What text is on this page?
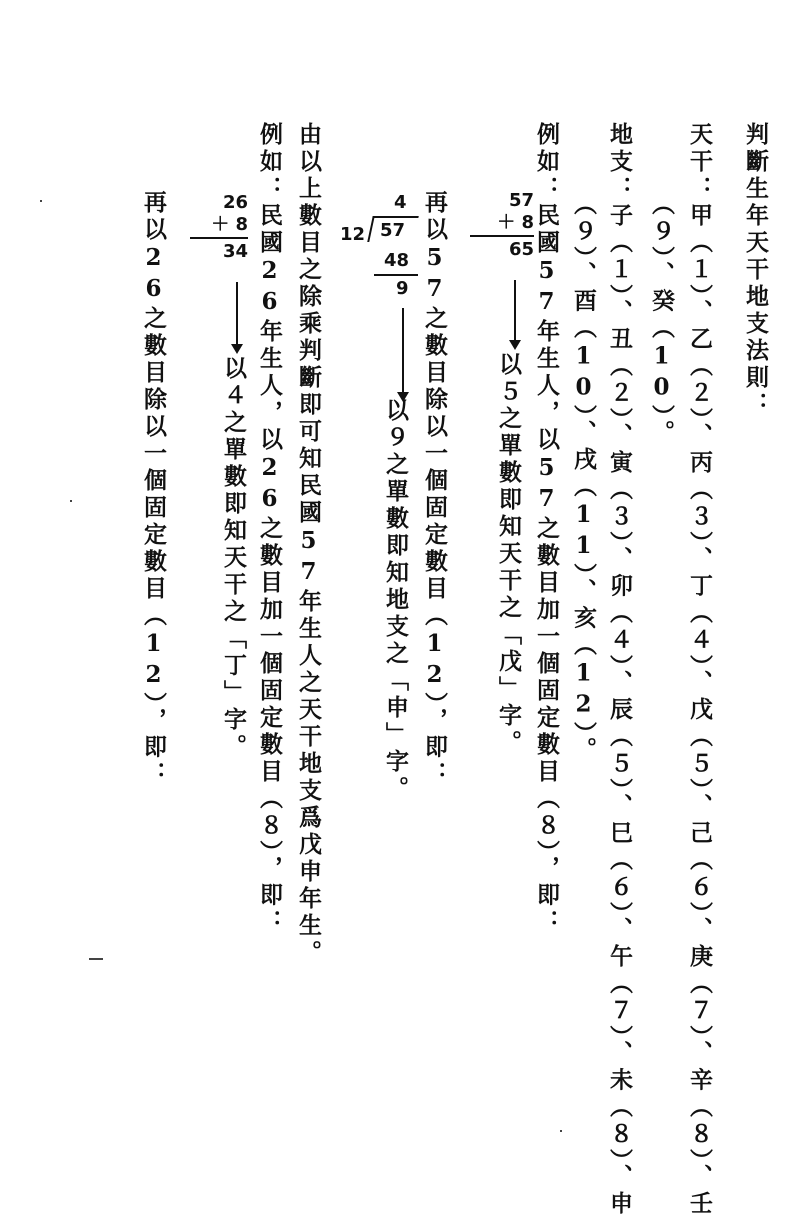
判斷生年天干地支法則：
天干：甲（１）、乙（２）、丙（３）、丁（４）、戊（５）、己（６）、庚（７）、辛（８）、壬
（９）、癸（10）。
地支：子（１）、丑（２）、寅（３）、卯（４）、辰（５）、巳（６）、午（７）、未（８）、申
（９）、酉（10）、戌（11）、亥（12）。
例如：民國57年生人，以57之數目加一個固定數目（８），即：
以５之單數即知天干之「戊」字。
再以57之數目除以一個固定數目（12），即：
以９之單數即知地支之「申」字。
由以上數目之除乘判斷即可知民國57年生人之天干地支爲戊申年生。
例如：民國26年生人，以26之數目加一個固定數目（８），即：
以４之單數即知天干之「丁」字。
再以26之數目除以一個固定數目（12），即：	57
＋ 8
65
4
12 57
48
9
26
＋ 8
34
